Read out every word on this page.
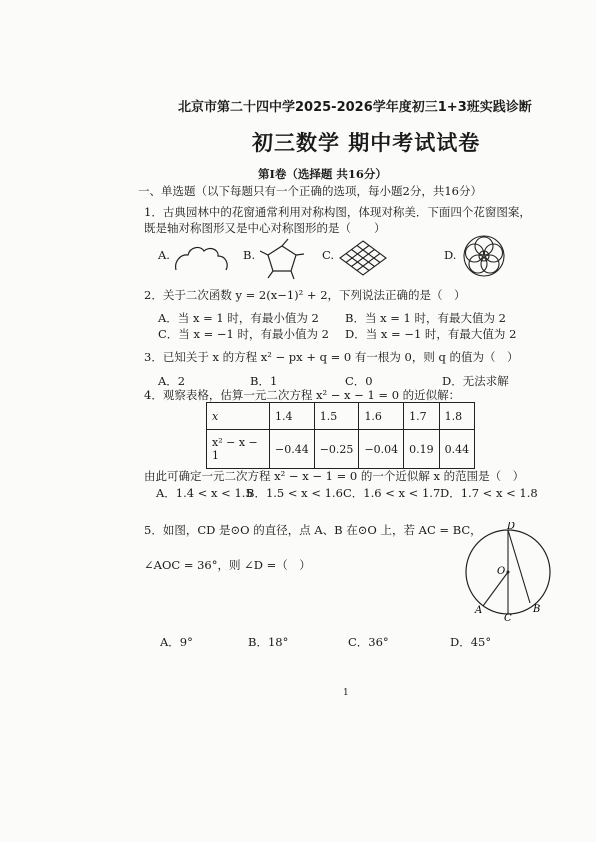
北京市第二十四中学2025-2026学年度初三1+3班实践诊断
初三数学 期中考试试卷
第Ⅰ卷（选择题 共16分）
一、单选题（以下每题只有一个正确的选项，每小题2分，共16分）
1．古典园林中的花窗通常利用对称构图，体现对称美．下面四个花窗图案，
既是轴对称图形又是中心对称图形的是（　　）
A.	B.	C.	D.
2．关于二次函数 y = 2(x−1)² + 2，下列说法正确的是（　）
A．当 x = 1 时，有最小值为 2 B．当 x = 1 时，有最大值为 2
C．当 x = −1 时，有最小值为 2 D．当 x = −1 时，有最大值为 2
3．已知关于 x 的方程 x² − px + q = 0 有一根为 0，则 q 的值为（　）
A．2	B．1	C．0	D．无法求解
4．观察表格，估算一元二次方程 x² − x − 1 = 0 的近似解：
x	1.4	1.5	1.6	1.7	1.8
x² − x − 1	−0.44	−0.25	−0.04	0.19	0.44
由此可确定一元二次方程 x² − x − 1 = 0 的一个近似解 x 的范围是（　）
A．1.4 < x < 1.5
B．1.5 < x < 1.6 C．1.6 < x < 1.7 D．1.7 < x < 1.8
5．如图，CD 是⊙O 的直径，点 A、B 在⊙O 上，若 AC = BC，
∠AOC = 36°，则 ∠D =（　）
D
O
A
C
B
A．9°	B．18°	C．36°	D．45°
1
